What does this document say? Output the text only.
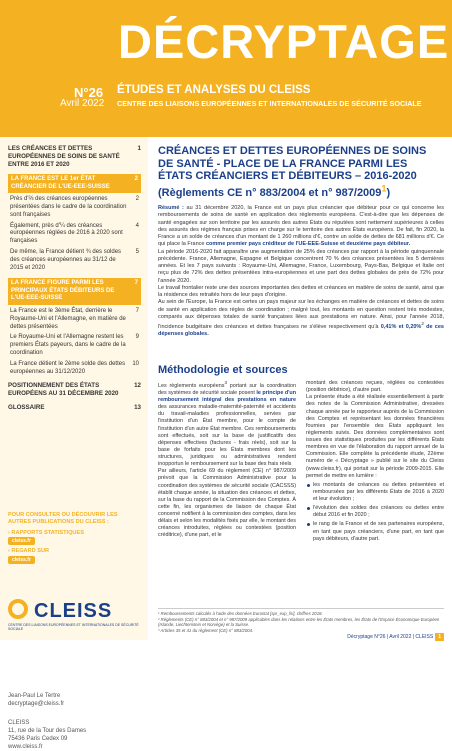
DÉCRYPTAGE
N°26
Avril 2022
ÉTUDES ET ANALYSES DU CLEISS
CENTRE DES LIAISONS EUROPÉENNES ET INTERNATIONALES DE SÉCURITÉ SOCIALE
LES CRÉANCES ET DETTES EUROPÉENNES DE SOINS DE SANTÉ ENTRE 2016 ET 2020
1
LA FRANCE EST LE 1er ÉTAT CRÉANCIER DE L'UE-EEE-SUISSE
2
Près d'⅔ des créances européennes présentées dans le cadre de la coordination sont françaises
2
Également, près d'¼ des créances européennes réglées de 2016 à 2020 sont françaises
4
De même, la France détient ¾ des soldes des créances européennes au 31/12 de 2015 et 2020
5
LA FRANCE FIGURE PARMI LES PRINCIPAUX ÉTATS DÉBITEURS DE L'UE-EEE-SUISSE
7
La France est le 3ème État, derrière le Royaume-Uni et l'Allemagne, en matière de dettes présentées
7
Le Royaume-Uni et l'Allemagne restent les premiers États payeurs, dans le cadre de la coordination
9
La France détient le 2ème solde des dettes européennes au 31/12/2020
10
POSITIONNEMENT DES ÉTATS EUROPÉENS AU 31 DÉCEMBRE 2020
12
GLOSSAIRE	13
POUR CONSULTER OU DÉCOUVRIR LES AUTRES PUBLICATIONS DU CLEISS :
› RAPPORTS STATISTIQUES
cleiss.fr
› REGARD SUR
cleiss.fr
CLEISS
CENTRE DES LIAISONS EUROPÉENNES ET INTERNATIONALES DE SÉCURITÉ SOCIALE
Jean-Paul Le Tertre
decryptage@cleiss.fr
CLEISS
11, rue de la Tour des Dames
75436 Paris Cedex 09
www.cleiss.fr
CRÉANCES ET DETTES EUROPÉENNES DE SOINS DE SANTÉ - PLACE DE LA FRANCE PARMI LES ÉTATS CRÉANCIERS ET DÉBITEURS – 2016-2020
(Règlements CE n° 883/2004 et n° 987/2009$^1$)
Résumé : au 31 décembre 2020, la France est un pays plus créancier que débiteur pour ce qui concerne les remboursements de soins de santé en application des règlements européens. C'est-à-dire que les dépenses de santé engagées sur son territoire par les assurés des autres États ou réputées sont nettement supérieures à celles des assurés des régimes français prises en charge sur le territoire des autres États européens. De fait, fin 2020, la France a un solde de créances d'un montant de 1 260 millions d'€, contre un solde de dettes de 681 millions d'€. Ce qui place la France comme premier pays créditeur de l'UE-EEE-Suisse et deuxième pays débiteur.
La période 2016-2020 fait apparaître une augmentation de 25% des créances par rapport à la période quinquennale précédente. France, Allemagne, Espagne et Belgique concentrent 70 % des créances présentées les 5 dernières années. Et les 7 pays suivants : Royaume-Uni, Allemagne, France, Luxembourg, Pays-Bas, Belgique et Italie ont reçu plus de 72% des dettes présentées intra-européennes et une part des dettes globales de près de 72% pour l'année 2020.
Le travail frontalier reste une des sources importantes des dettes et créances en matière de soins de santé, ainsi que la résidence des retraités hors de leur pays d'origine.
Au sein de l'Europe, la France est certes un pays majeur sur les échanges en matière de créances et dettes de soins de santé en application des règles de coordination ; malgré tout, les montants en question restent très modestes, comparés aux dépenses totales de santé françaises liées aux prestations en nature. Ainsi, pour l'année 2018, l'incidence budgétaire des créances et dettes françaises ne s'élève respectivement qu'à 0,41% et 0,20%$^2$ de ces dépenses globales.
Méthodologie et sources

Les règlements européens$^3$ portant sur la coordination des systèmes de sécurité sociale posent le principe d'un remboursement intégral des prestations en nature des assurances maladie-maternité-paternité et accidents du travail-maladies professionnelles, servies par l'institution d'un État membre, pour le compte de l'institution d'un autre État membre. Ces remboursements sont effectués, soit sur la base de justificatifs des dépenses effectives (factures - frais réels), soit sur la base de forfaits pour les États membres dont les structures, juridiques ou administratives rendent inopportun le remboursement sur la base des frais réels

Par ailleurs, l'article 69 du règlement (CE) n° 987/2009 prévoit que la Commission Administrative pour la coordination des systèmes de sécurité sociale (CACSSS) établit chaque année, la situation des créances et dettes, sur la base du rapport de la Commission des Comptes. À cette fin, les organismes de liaison de chaque État concerné notifient à la commission des comptes, dans les délais et selon les modalités fixés par elle, le montant des créances introduites, réglées ou contestées (position créditrice), d'une part, et le

montant des créances reçues, réglées ou contestées (position débitrice), d'autre part.

La présente étude a été réalisée essentiellement à partir des notes de la Commission Administrative, dressées chaque année par le rapporteur auprès de la Commission des Comptes et représentant les données financières fournies par l'ensemble des États appliquant les règlements suivis. Des données complémentaires sont issues des statistiques produites par les différents États membres en vue de l'élaboration du rapport annuel de la Commission. Elle complète la précédente étude, 22ème numéro de « Décryptage » publié sur le site du Cleiss (www.cleiss.fr), qui portait sur la période 2009-2015. Elle permet de mettre en lumière :

les montants de créances ou dettes présentées et remboursées par les différents États de 2016 à 2020 et leur évolution ;
l'évolution des soldes des créances ou dettes entre début 2016 et fin 2020 ;
le rang de la France et de ses partenaires européens, en tant que pays créanciers, d'une part, en tant que pays débiteurs, d'autre part.
¹ Remboursements calculés à l'aide des données Eurostat [spr_exp_fsi], chiffres 2018.
² Règlements (CE) n° 883/2004 et n° 987/2009 applicables dans les relations entre les États membres, les États de l'Espace Économique Européen (Islande, Liechtenstein et Norvège) et la Suisse.
³ Articles 35 et 41 du règlement (CE) n° 883/2004.
Décryptage N°26 | Avril 2022 | CLEISS 1
